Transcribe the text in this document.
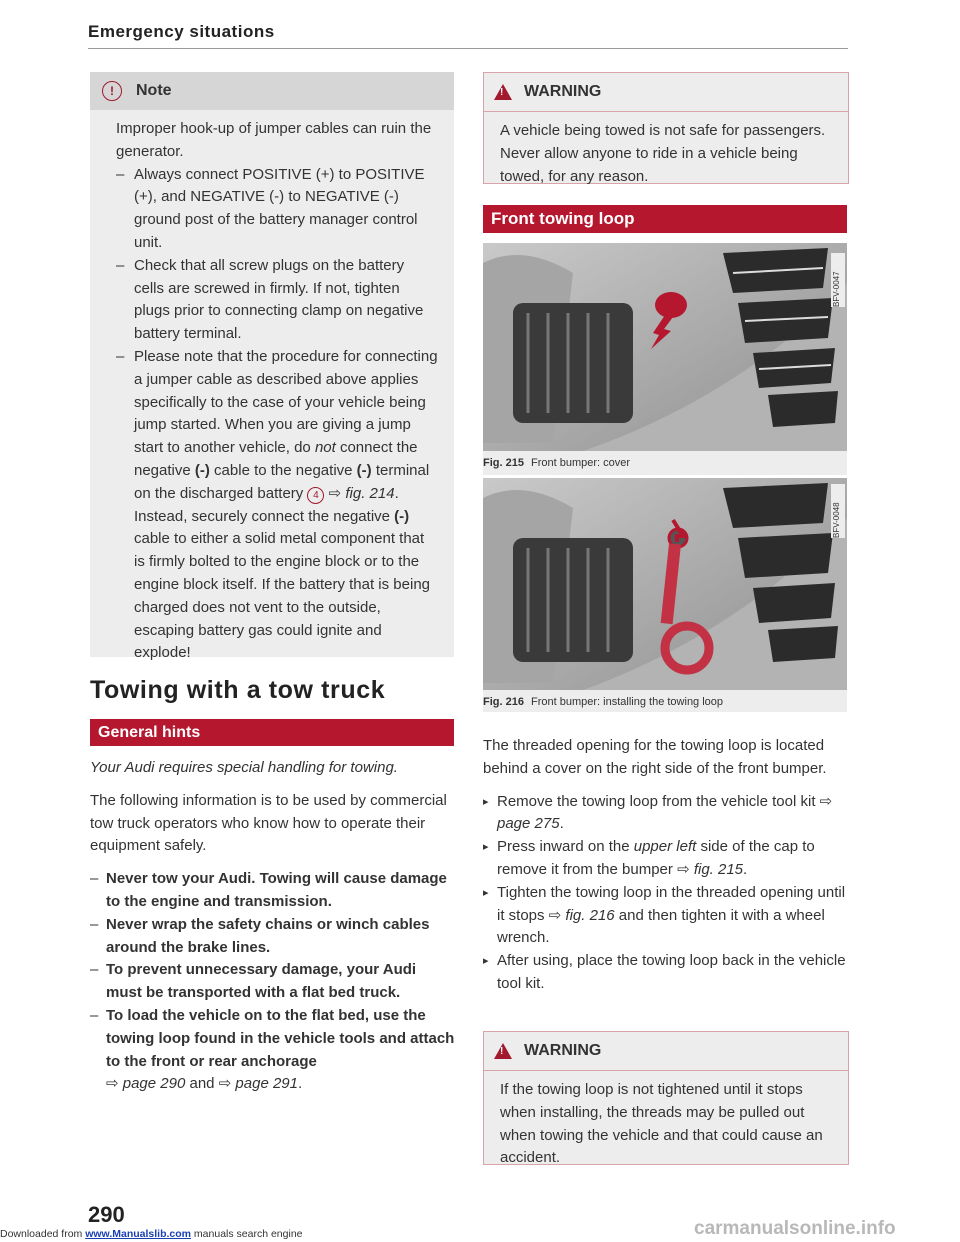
Emergency situations
!	Note

Improper hook-up of jumper cables can ruin the generator.

– Always connect POSITIVE (+) to POSITIVE (+), and NEGATIVE (-) to NEGATIVE (-) ground post of the battery manager control unit.
– Check that all screw plugs on the battery cells are screwed in firmly. If not, tighten plugs prior to connecting clamp on negative battery terminal.
– Please note that the procedure for connecting a jumper cable as described above applies specifically to the case of your vehicle being jump started. When you are giving a jump start to another vehicle, do not connect the negative (-) cable to the negative (-) terminal on the discharged battery 4 ⇨ fig. 214. Instead, securely connect the negative (-) cable to either a solid metal component that is firmly bolted to the engine block or to the engine block itself. If the battery that is being charged does not vent to the outside, escaping battery gas could ignite and explode!
Towing with a tow truck
General hints

Your Audi requires special handling for towing.

The following information is to be used by commercial tow truck operators who know how to operate their equipment safely.

– Never tow your Audi. Towing will cause damage to the engine and transmission.
– Never wrap the safety chains or winch cables around the brake lines.
– To prevent unnecessary damage, your Audi must be transported with a flat bed truck.
– To load the vehicle on to the flat bed, use the towing loop found in the vehicle tools and attach to the front or rear anchorage
⇨ page 290 and ⇨ page 291.
290
! WARNING
A vehicle being towed is not safe for passengers. Never allow anyone to ride in a vehicle being towed, for any reason.
Front towing loop
BFV-0047
Fig. 215 Front bumper: cover
BFV-0048
Fig. 216 Front bumper: installing the towing loop

The threaded opening for the towing loop is located behind a cover on the right side of the front bumper.

▸ Remove the towing loop from the vehicle tool kit ⇨ page 275.
▸ Press inward on the upper left side of the cap to remove it from the bumper ⇨ fig. 215.
▸ Tighten the towing loop in the threaded opening until it stops ⇨ fig. 216 and then tighten it with a wheel wrench.
▸ After using, place the towing loop back in the vehicle tool kit.
! WARNING
If the towing loop is not tightened until it stops when installing, the threads may be pulled out when towing the vehicle and that could cause an accident.
Downloaded from www.Manualslib.com manuals search engine	carmanualsonline.info
